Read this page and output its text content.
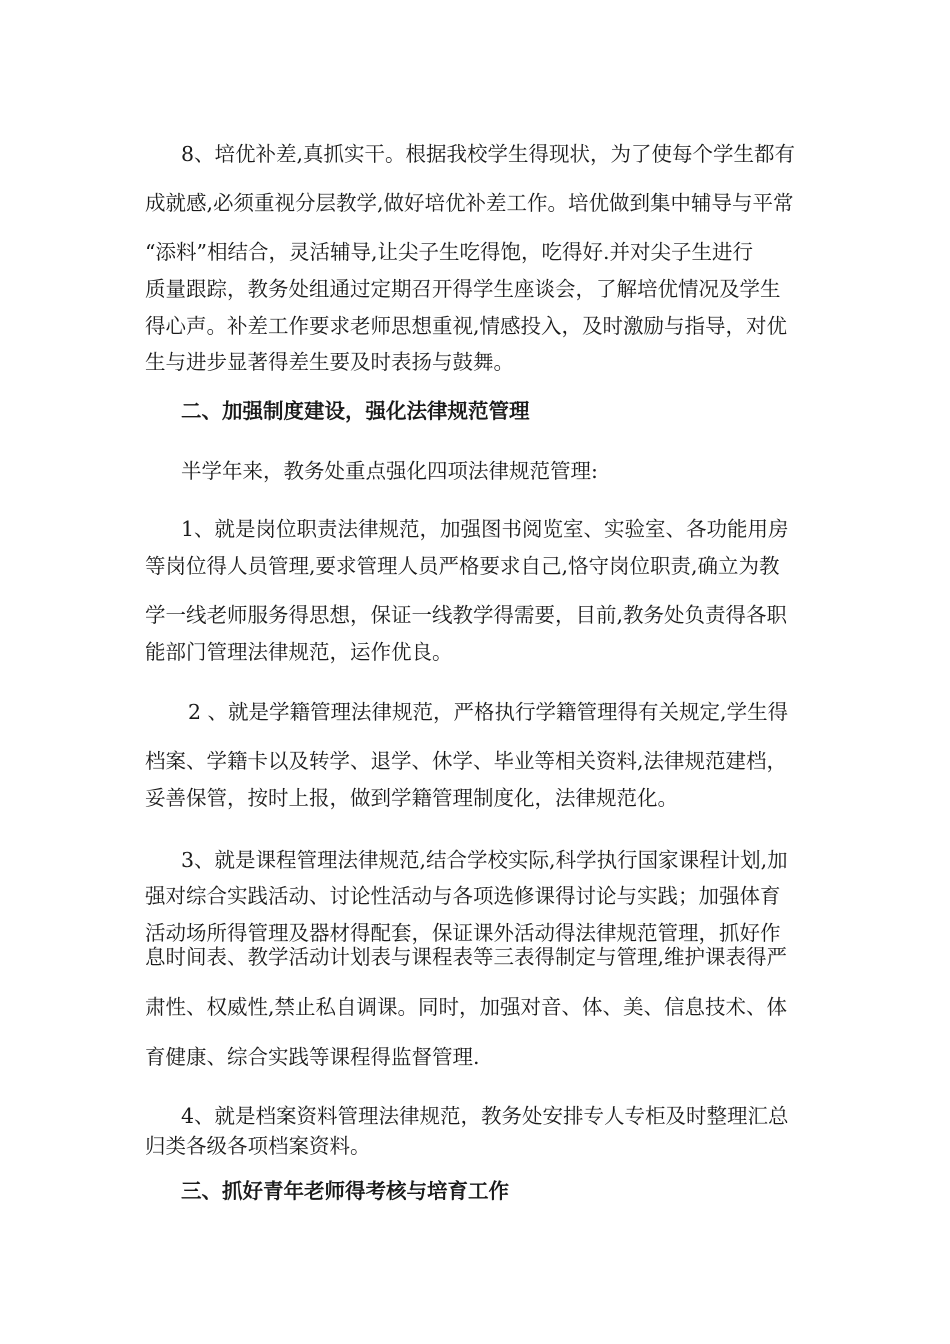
8、培优补差,真抓实干。根据我校学生得现状，为了使每个学生都有
成就感,必须重视分层教学,做好培优补差工作。培优做到集中辅导与平常
“添料”相结合，灵活辅导,让尖子生吃得饱，吃得好.并对尖子生进行
质量跟踪，教务处组通过定期召开得学生座谈会，了解培优情况及学生
得心声。补差工作要求老师思想重视,情感投入，及时激励与指导，对优
生与进步显著得差生要及时表扬与鼓舞。
二、加强制度建设，强化法律规范管理
半学年来，教务处重点强化四项法律规范管理:
1、就是岗位职责法律规范，加强图书阅览室、实验室、各功能用房
等岗位得人员管理,要求管理人员严格要求自己,恪守岗位职责,确立为教
学一线老师服务得思想，保证一线教学得需要，目前,教务处负责得各职
能部门管理法律规范，运作优良。
2 、就是学籍管理法律规范，严格执行学籍管理得有关规定,学生得
档案、学籍卡以及转学、退学、休学、毕业等相关资料,法律规范建档，
妥善保管，按时上报，做到学籍管理制度化，法律规范化。
3、就是课程管理法律规范,结合学校实际,科学执行国家课程计划,加
强对综合实践活动、讨论性活动与各项选修课得讨论与实践；加强体育
活动场所得管理及器材得配套，保证课外活动得法律规范管理，抓好作
息时间表、教学活动计划表与课程表等三表得制定与管理,维护课表得严
肃性、权威性,禁止私自调课。同时，加强对音、体、美、信息技术、体
育健康、综合实践等课程得监督管理.
4、就是档案资料管理法律规范，教务处安排专人专柜及时整理汇总
归类各级各项档案资料。
三、抓好青年老师得考核与培育工作
